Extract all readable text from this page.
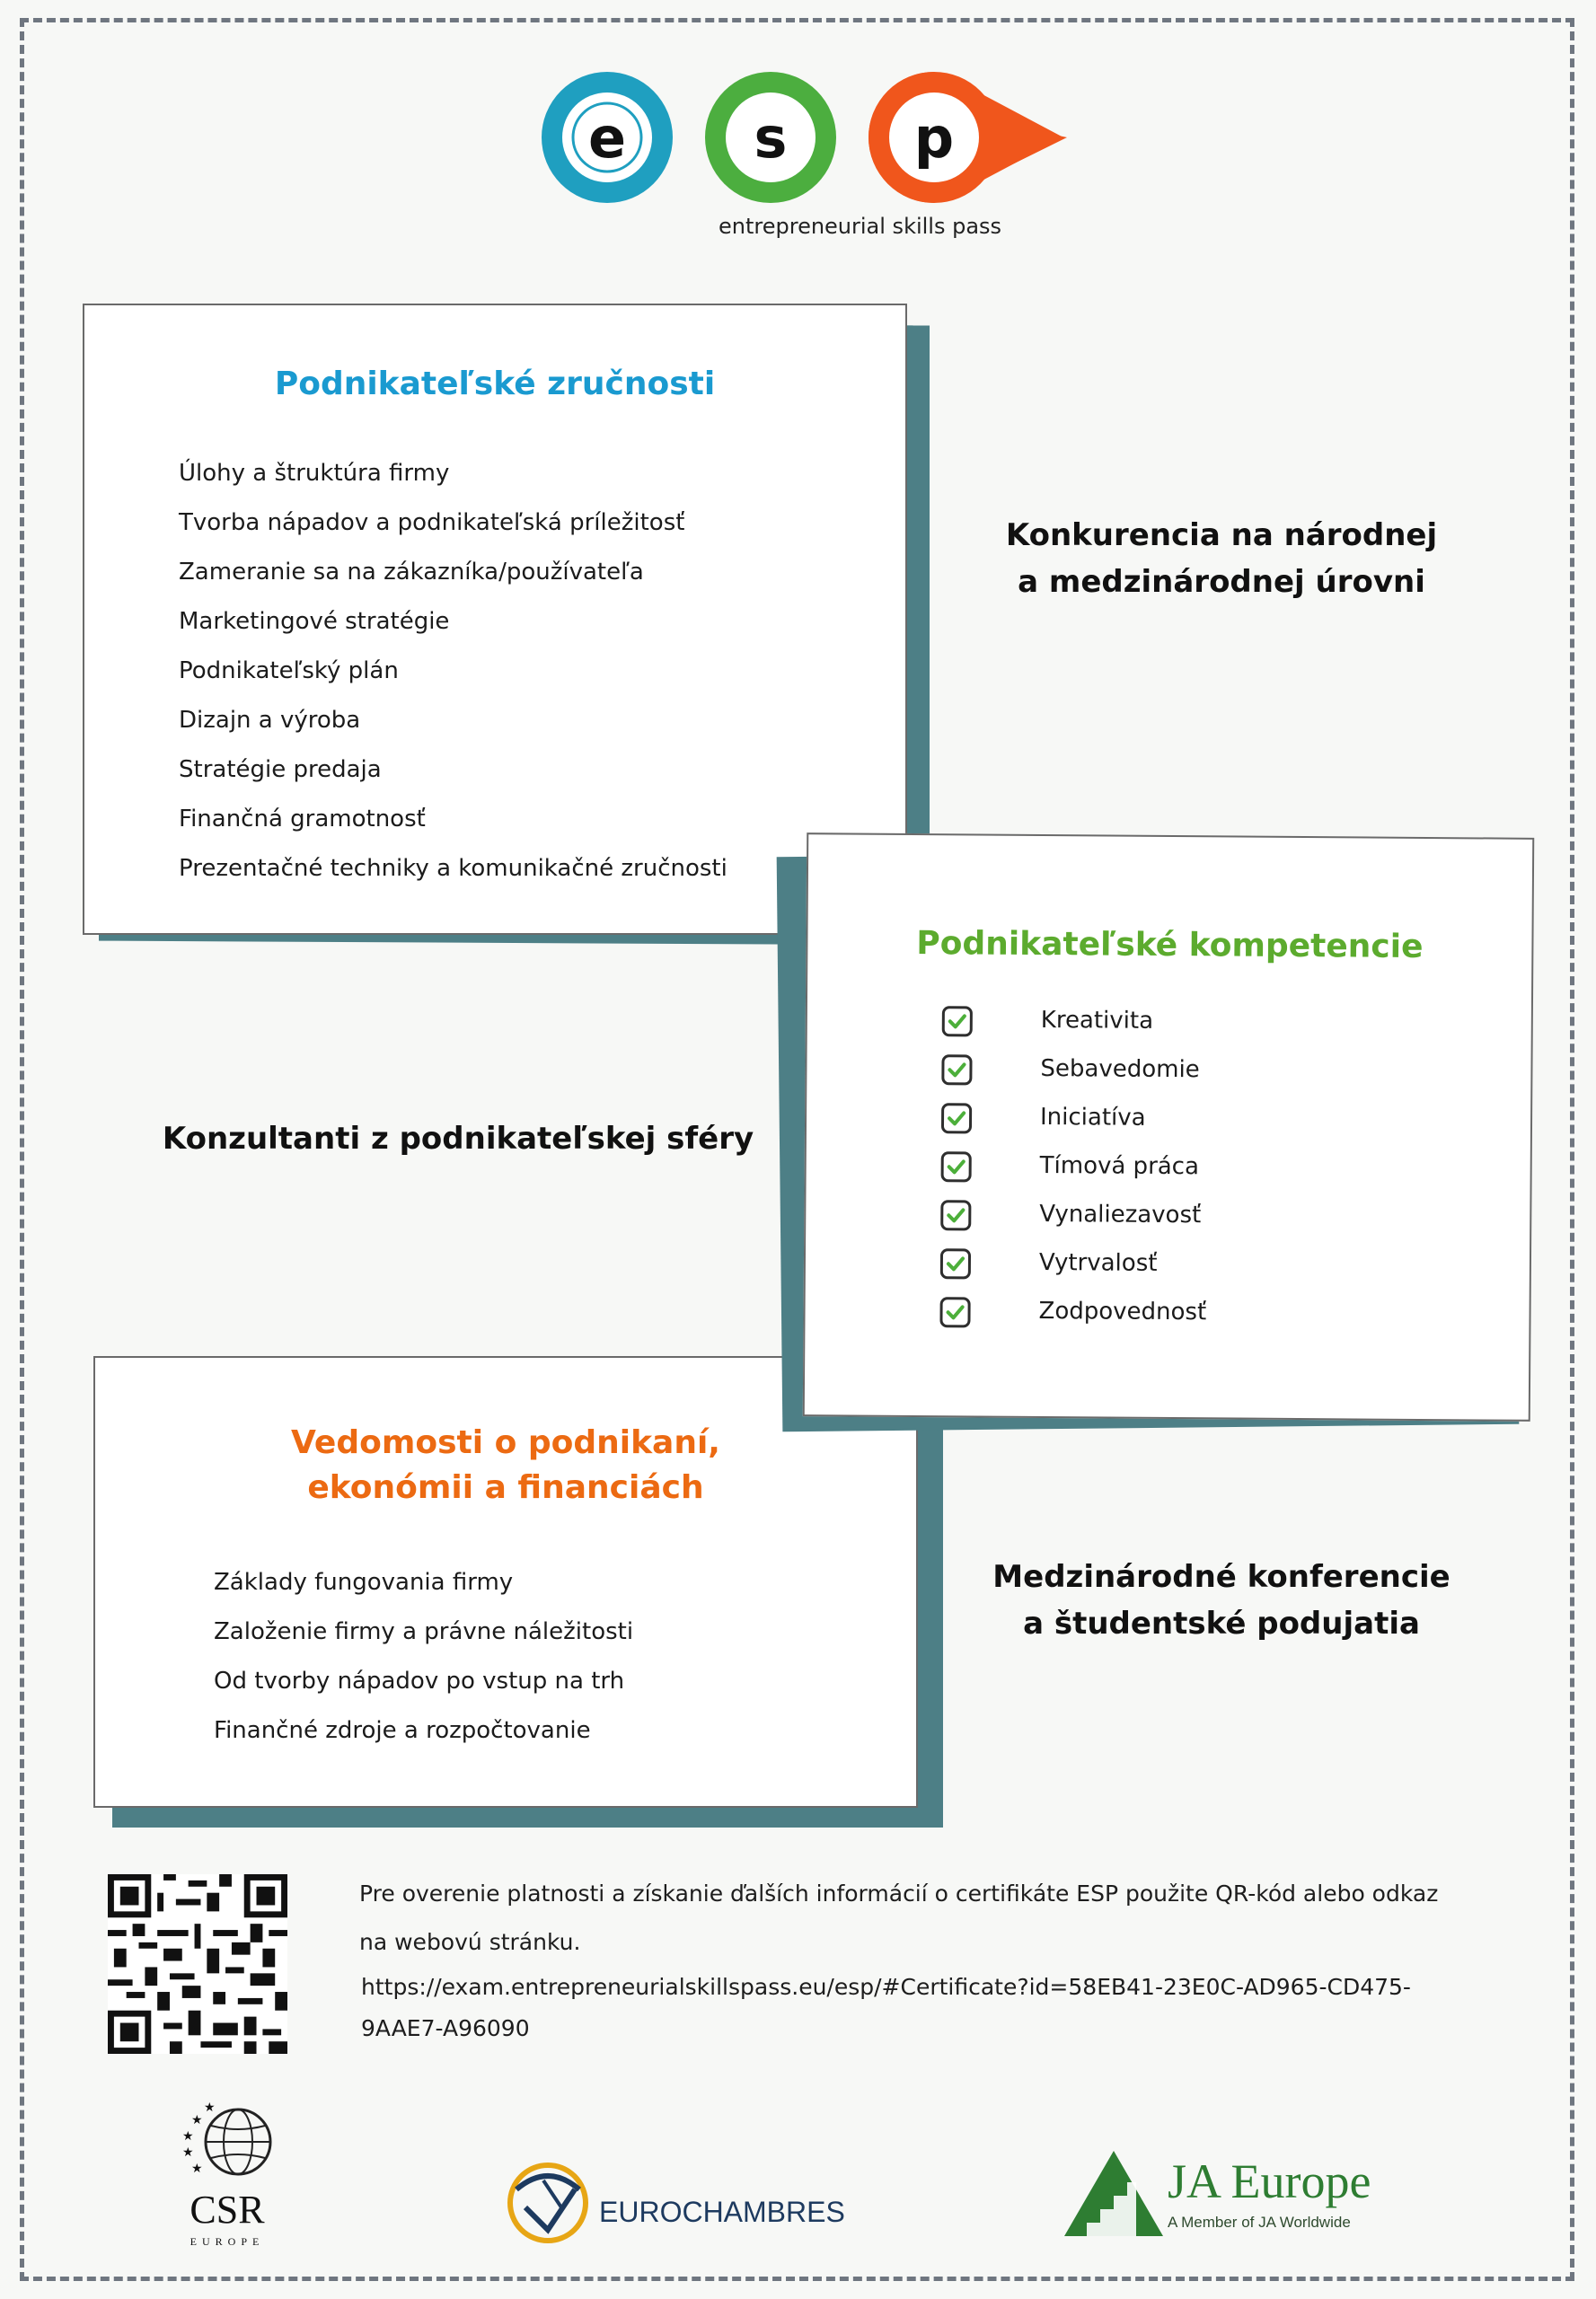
e s p
entrepreneurial skills pass
Podnikateľské zručnosti
Úlohy a štruktúra firmy
Tvorba nápadov a podnikateľská príležitosť
Zameranie sa na zákazníka/používateľa
Marketingové stratégie
Podnikateľský plán
Dizajn a výroba
Stratégie predaja
Finančná gramotnosť
Prezentačné techniky a komunikačné zručnosti
Konkurencia na národnej
a medzinárodnej úrovni
Vedomosti o podnikaní,
ekonómii a financiách
Základy fungovania firmy
Založenie firmy a právne náležitosti
Od tvorby nápadov po vstup na trh
Finančné zdroje a rozpočtovanie
Konzultanti z podnikateľskej sféry
Podnikateľské kompetencie
Kreativita
Sebavedomie
Iniciatíva
Tímová práca
Vynaliezavosť
Vytrvalosť
Zodpovednosť
Medzinárodné konferencie
a študentské podujatia
Pre overenie platnosti a získanie ďalších informácií o certifikáte ESP použite QR-kód alebo odkaz
na webovú stránku.
https://exam.entrepreneurialskillspass.eu/esp/#Certificate?id=58EB41-23E0C-AD965-CD475-
9AAE7-A96090
★
★
★
★
★
CSR
EUROPE
EUROCHAMBRES
JA Europe
A Member of JA Worldwide
